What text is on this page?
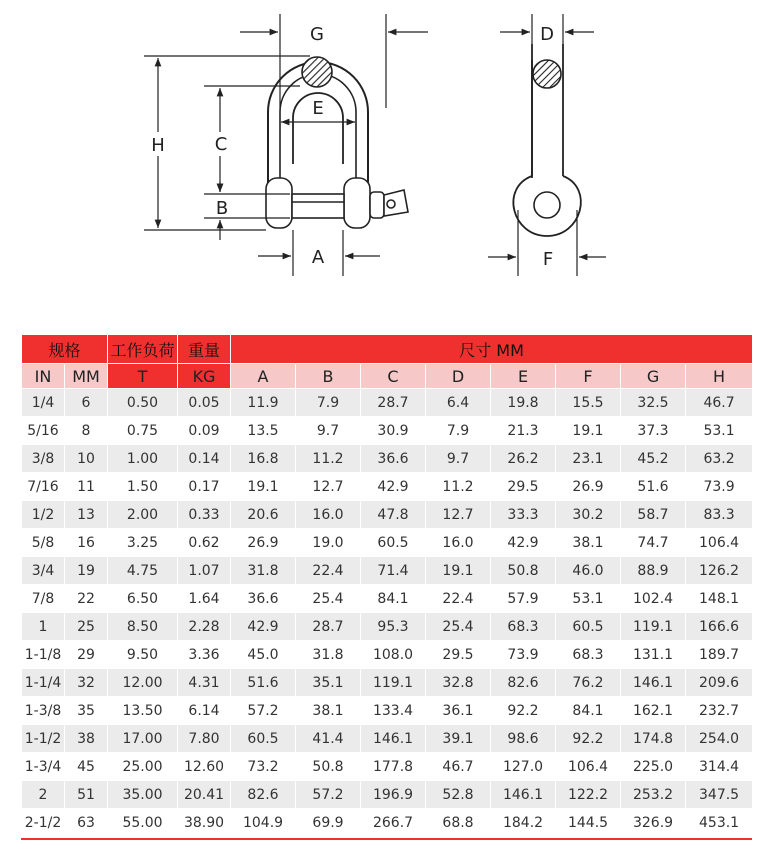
G
H	C
E
B
A
D
F
规格		工作负荷	重量	尺寸 MM							
IN	MM	T	KG	A	B	C	D	E	F	G	H
1/4	6	0.50	0.05	11.9	7.9	28.7	6.4	19.8	15.5	32.5	46.7
5/16	8	0.75	0.09	13.5	9.7	30.9	7.9	21.3	19.1	37.3	53.1
3/8	10	1.00	0.14	16.8	11.2	36.6	9.7	26.2	23.1	45.2	63.2
7/16	11	1.50	0.17	19.1	12.7	42.9	11.2	29.5	26.9	51.6	73.9
1/2	13	2.00	0.33	20.6	16.0	47.8	12.7	33.3	30.2	58.7	83.3
5/8	16	3.25	0.62	26.9	19.0	60.5	16.0	42.9	38.1	74.7	106.4
3/4	19	4.75	1.07	31.8	22.4	71.4	19.1	50.8	46.0	88.9	126.2
7/8	22	6.50	1.64	36.6	25.4	84.1	22.4	57.9	53.1	102.4	148.1
1	25	8.50	2.28	42.9	28.7	95.3	25.4	68.3	60.5	119.1	166.6
1-1/8	29	9.50	3.36	45.0	31.8	108.0	29.5	73.9	68.3	131.1	189.7
1-1/4	32	12.00	4.31	51.6	35.1	119.1	32.8	82.6	76.2	146.1	209.6
1-3/8	35	13.50	6.14	57.2	38.1	133.4	36.1	92.2	84.1	162.1	232.7
1-1/2	38	17.00	7.80	60.5	41.4	146.1	39.1	98.6	92.2	174.8	254.0
1-3/4	45	25.00	12.60	73.2	50.8	177.8	46.7	127.0	106.4	225.0	314.4
2	51	35.00	20.41	82.6	57.2	196.9	52.8	146.1	122.2	253.2	347.5
2-1/2	63	55.00	38.90	104.9	69.9	266.7	68.8	184.2	144.5	326.9	453.1
